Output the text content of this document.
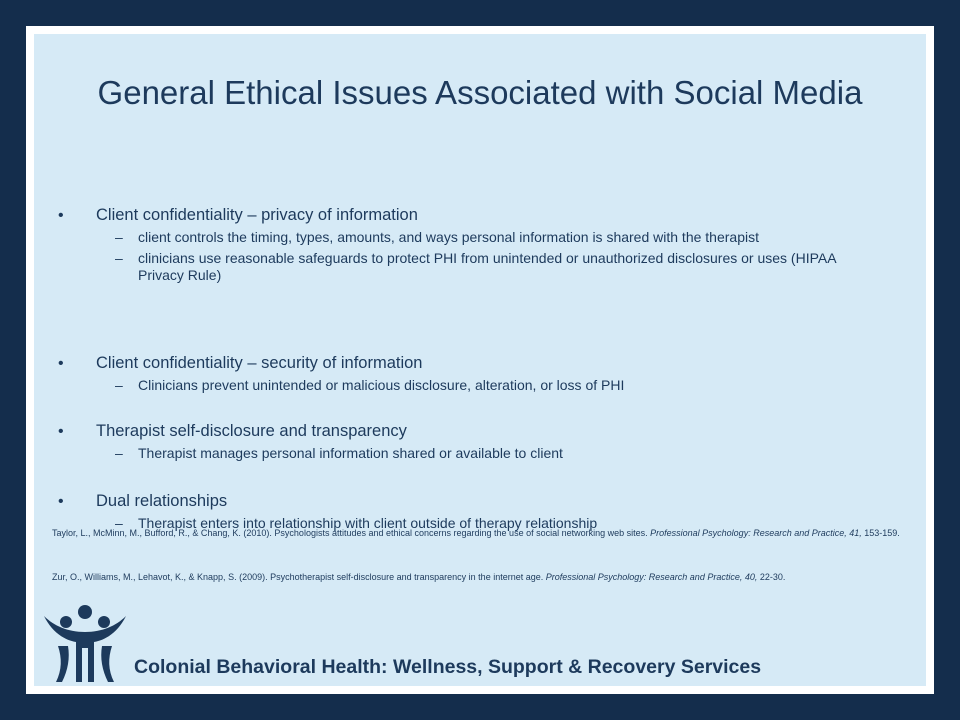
General Ethical Issues Associated with Social Media
•	Client confidentiality – privacy of information
–	client controls the timing, types, amounts, and ways personal information is shared with the therapist
–	clinicians use reasonable safeguards to protect PHI from unintended or unauthorized disclosures or uses (HIPAA Privacy Rule)
•	Client confidentiality – security of information
–	Clinicians prevent unintended or malicious disclosure, alteration, or loss of PHI
•	Therapist self-disclosure and transparency
–	Therapist manages personal information shared or available to client
•	Dual relationships
–	Therapist enters into relationship with client outside of therapy relationship
Taylor, L., McMinn, M., Bufford, R., & Chang, K. (2010). Psychologists attitudes and ethical concerns regarding the use of social networking web sites. Professional Psychology: Research and Practice, 41, 153-159.
Zur, O., Williams, M., Lehavot, K., & Knapp, S. (2009). Psychotherapist self-disclosure and transparency in the internet age. Professional Psychology: Research and Practice, 40, 22-30.
Colonial Behavioral Health: Wellness, Support & Recovery Services
